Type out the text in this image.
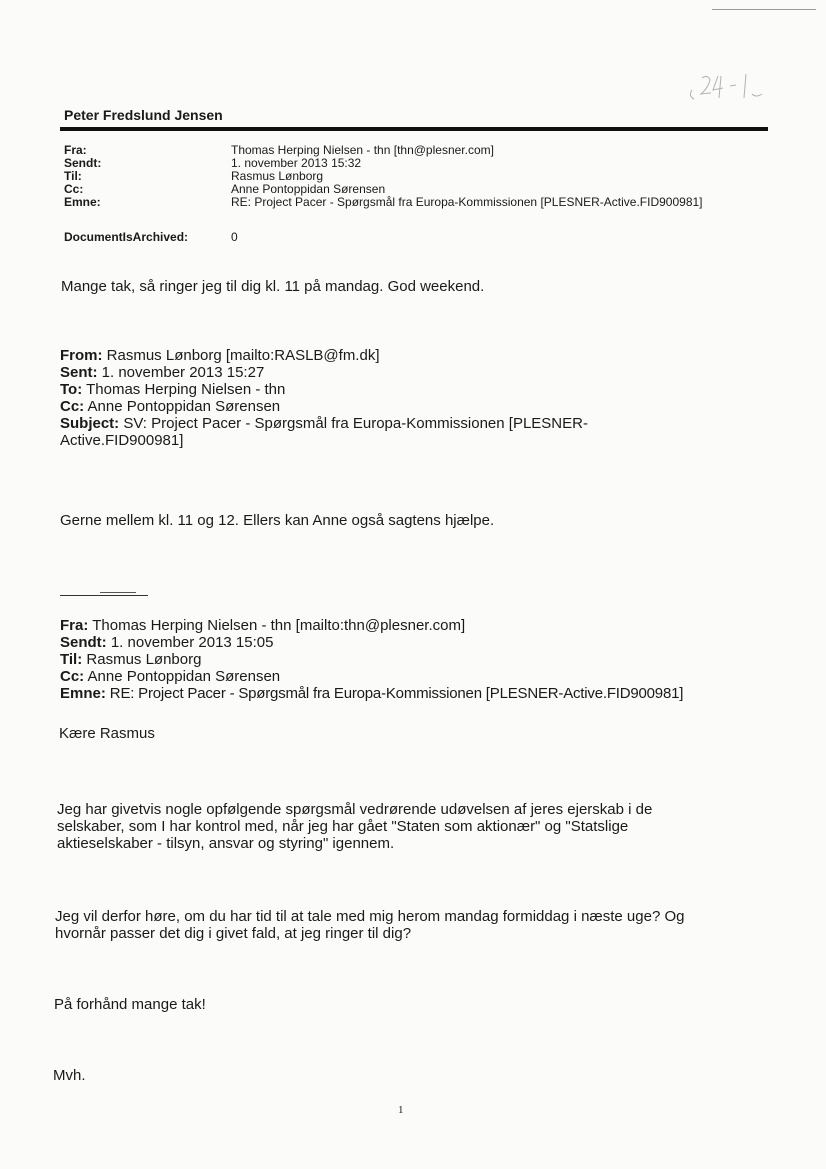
Peter Fredslund Jensen
Fra:	Thomas Herping Nielsen - thn [thn@plesner.com]
Sendt:	1. november 2013 15:32
Til:	Rasmus Lønborg
Cc:	Anne Pontoppidan Sørensen
Emne:	RE: Project Pacer - Spørgsmål fra Europa-Kommissionen [PLESNER-Active.FID900981]
DocumentIsArchived:	0
Mange tak, så ringer jeg til dig kl. 11 på mandag. God weekend.
From: Rasmus Lønborg [mailto:RASLB@fm.dk]
Sent: 1. november 2013 15:27
To: Thomas Herping Nielsen - thn
Cc: Anne Pontoppidan Sørensen
Subject: SV: Project Pacer - Spørgsmål fra Europa-Kommissionen [PLESNER-
Active.FID900981]
Gerne mellem kl. 11 og 12. Ellers kan Anne også sagtens hjælpe.
Fra: Thomas Herping Nielsen - thn [mailto:thn@plesner.com]
Sendt: 1. november 2013 15:05
Til: Rasmus Lønborg
Cc: Anne Pontoppidan Sørensen
Emne: RE: Project Pacer - Spørgsmål fra Europa-Kommissionen [PLESNER-Active.FID900981]
Kære Rasmus
Jeg har givetvis nogle opfølgende spørgsmål vedrørende udøvelsen af jeres ejerskab i de
selskaber, som I har kontrol med, når jeg har gået "Staten som aktionær" og "Statslige
aktieselskaber - tilsyn, ansvar og styring" igennem.
Jeg vil derfor høre, om du har tid til at tale med mig herom mandag formiddag i næste uge? Og
hvornår passer det dig i givet fald, at jeg ringer til dig?
På forhånd mange tak!
Mvh.
1
